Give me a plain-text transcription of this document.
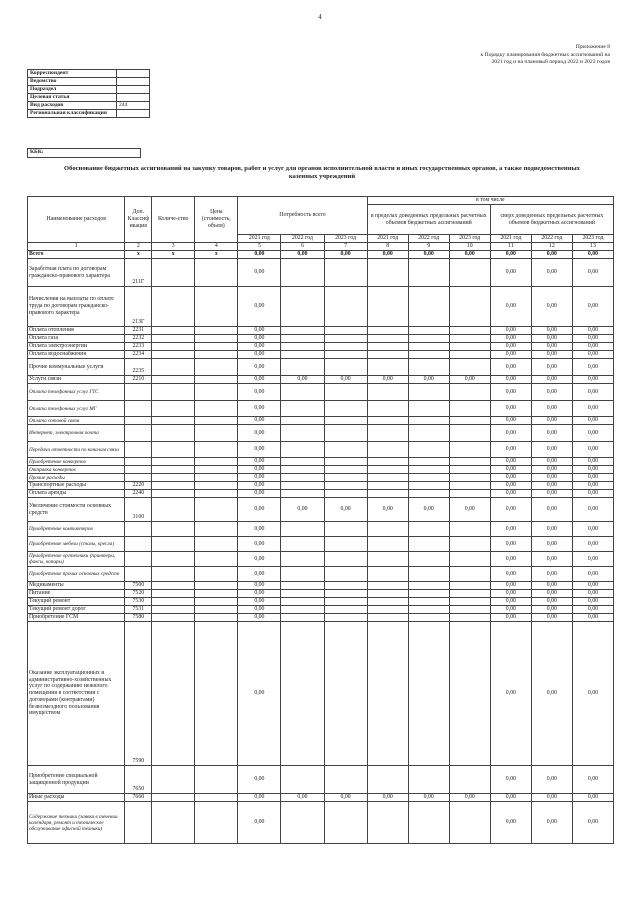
4
Приложение 8
к Порядку планирования бюджетных ассигнований на
2021 год и на плановый период 2022 и 2023 годов
Корреспондент	
Ведомство	
Подраздел	
Целевая статья	
Вид расходов	244
Региональная классификация	
КБК:
Обоснование бюджетных ассигнований на закупку товаров, работ и услуг для органов исполнительной власти и иных государственных органов, а также подведомственных казенных учреждений
Наименование расходов	Доп. Классиф икация	Количе-ство	Цена (стоимость, объем)	Потребность всего			в том числе					
							в пределах доведенных предельных расчетных объемов бюджетных ассигнований			сверх доведенных предельных расчетных объемов бюджетных ассигнований		
				2021 год	2022 год	2023 год	2021 год	2022 год	2023 год	2021 год	2022 год	2023 год
1	2	3	4	5	6	7	8	9	10	11	12	13
Всего	х	х	х	0,00	0,00	0,00	0,00	0,00	0,00	0,00	0,00	0,00
Заработная плата по договорам гражданско-правового характера	211Г			0,00						0,00	0,00	0,00
Начисления на выплаты по оплате труда по договорам гражданско-правового характера	213Г			0,00						0,00	0,00	0,00
Оплата отопления	2231			0,00						0,00	0,00	0,00
Оплата газа	2232			0,00						0,00	0,00	0,00
Оплата электроэнергии	2233			0,00						0,00	0,00	0,00
Оплата водоснабжения	2234			0,00						0,00	0,00	0,00
Прочие коммунальные услуги	2235			0,00						0,00	0,00	0,00
Услуги связи	2210			0,00	0,00	0,00	0,00	0,00	0,00	0,00	0,00	0,00
Оплата телефонных услуг ГТС				0,00						0,00	0,00	0,00
Оплата телефонных услуг МГ				0,00						0,00	0,00	0,00
Оплата сотовой связи				0,00						0,00	0,00	0,00
Интернет, электронная почта				0,00						0,00	0,00	0,00
Передача отчетности по каналам связи				0,00						0,00	0,00	0,00
Приобретение конвертов				0,00						0,00	0,00	0,00
Отправка конвертов				0,00						0,00	0,00	0,00
Прочие расходы				0,00						0,00	0,00	0,00
Транспортные расходы	2220			0,00						0,00	0,00	0,00
Оплата аренды	2240			0,00						0,00	0,00	0,00
Увеличение стоимости основных средств	3100			0,00	0,00	0,00	0,00	0,00	0,00	0,00	0,00	0,00
Приобретение компьютеров				0,00						0,00	0,00	0,00
Приобретение мебели (столы, кресла)				0,00						0,00	0,00	0,00
Приобретение оргтехники (принтеры, факсы, копиры)				0,00						0,00	0,00	0,00
Приобретение прочих основных средств				0,00						0,00	0,00	0,00
Медикаменты	7500			0,00						0,00	0,00	0,00
Питание	7520			0,00						0,00	0,00	0,00
Текущий ремонт	7530			0,00						0,00	0,00	0,00
Текущий ремонт дорог	7531			0,00						0,00	0,00	0,00
Приобретение ГСМ	7580			0,00						0,00	0,00	0,00
Оказание эксплуатационных и административно-хозяйственных услуг по содержанию нежилого помещения в соответствии с договорами (контрактами) безвозмездного пользования имуществом	7590			0,00						0,00	0,00	0,00
Приобретение специальной защищенной продукции	7650			0,00						0,00	0,00	0,00
Иные расходы	7660			0,00	0,00	0,00	0,00	0,00	0,00	0,00	0,00	0,00
Содержание техники (заявка в течении календаря, ремонт и техническое обслуживание офисной техники)				0,00						0,00	0,00	0,00
